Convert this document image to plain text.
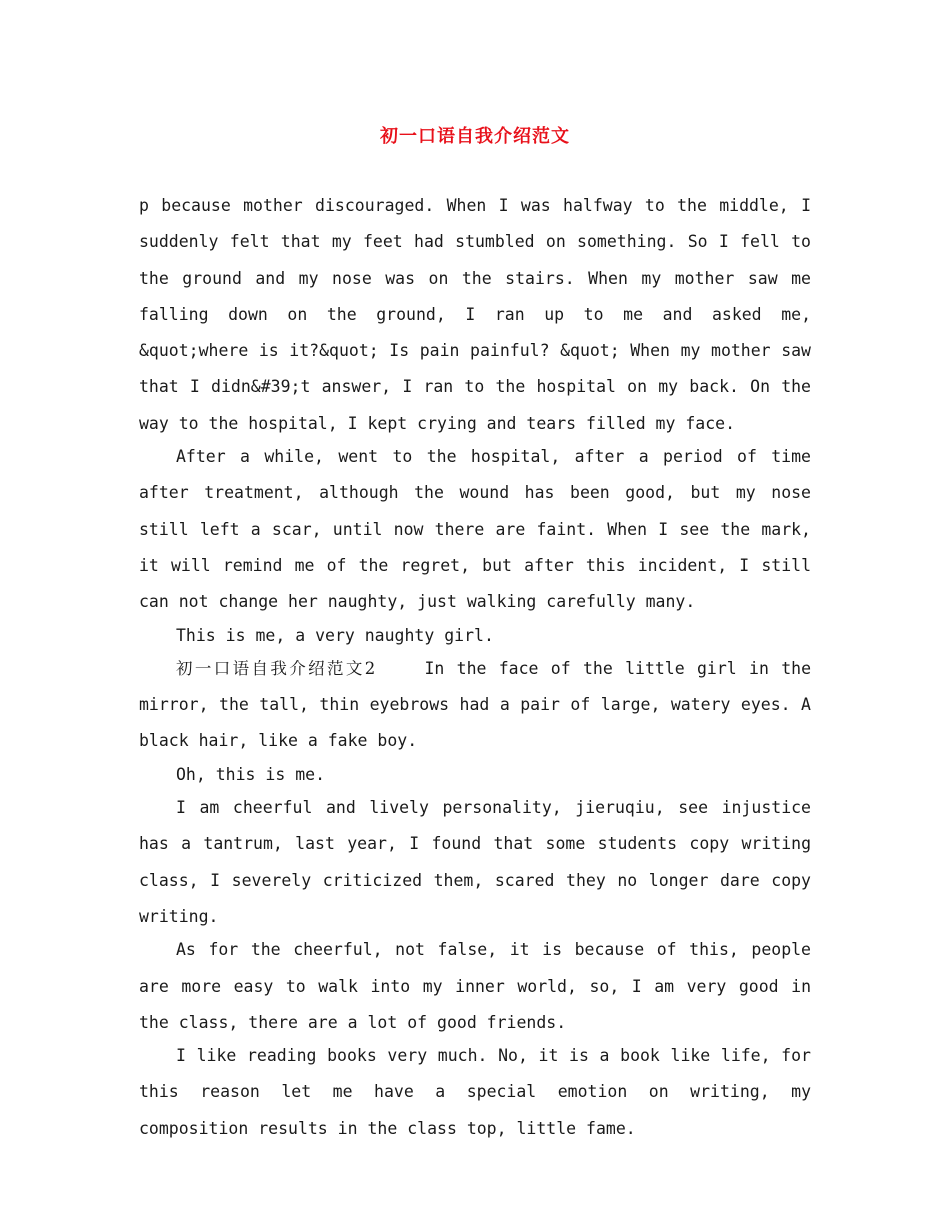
初一口语自我介绍范文

p because mother discouraged. When I was halfway to the middle, I suddenly felt that my feet had stumbled on something. So I fell to the ground and my nose was on the stairs. When my mother saw me falling down on the ground, I ran up to me and asked me, &quot;where is it?&quot; Is pain painful? &quot; When my mother saw that I didn&#39;t answer, I ran to the hospital on my back. On the way to the hospital, I kept crying and tears filled my face.

After a while, went to the hospital, after a period of time after treatment, although the wound has been good, but my nose still left a scar, until now there are faint. When I see the mark, it will remind me of the regret, but after this incident, I still can not change her naughty, just walking carefully many.

This is me, a very naughty girl.

初一口语自我介绍范文2	In the face of the little girl in the mirror, the tall, thin eyebrows had a pair of large, watery eyes. A black hair, like a fake boy.

Oh, this is me.

I am cheerful and lively personality, jieruqiu, see injustice has a tantrum, last year, I found that some students copy writing class, I severely criticized them, scared they no longer dare copy writing.

As for the cheerful, not false, it is because of this, people are more easy to walk into my inner world, so, I am very good in the class, there are a lot of good friends.

I like reading books very much. No, it is a book like life, for this reason let me have a special emotion on writing, my composition results in the class top, little fame.
